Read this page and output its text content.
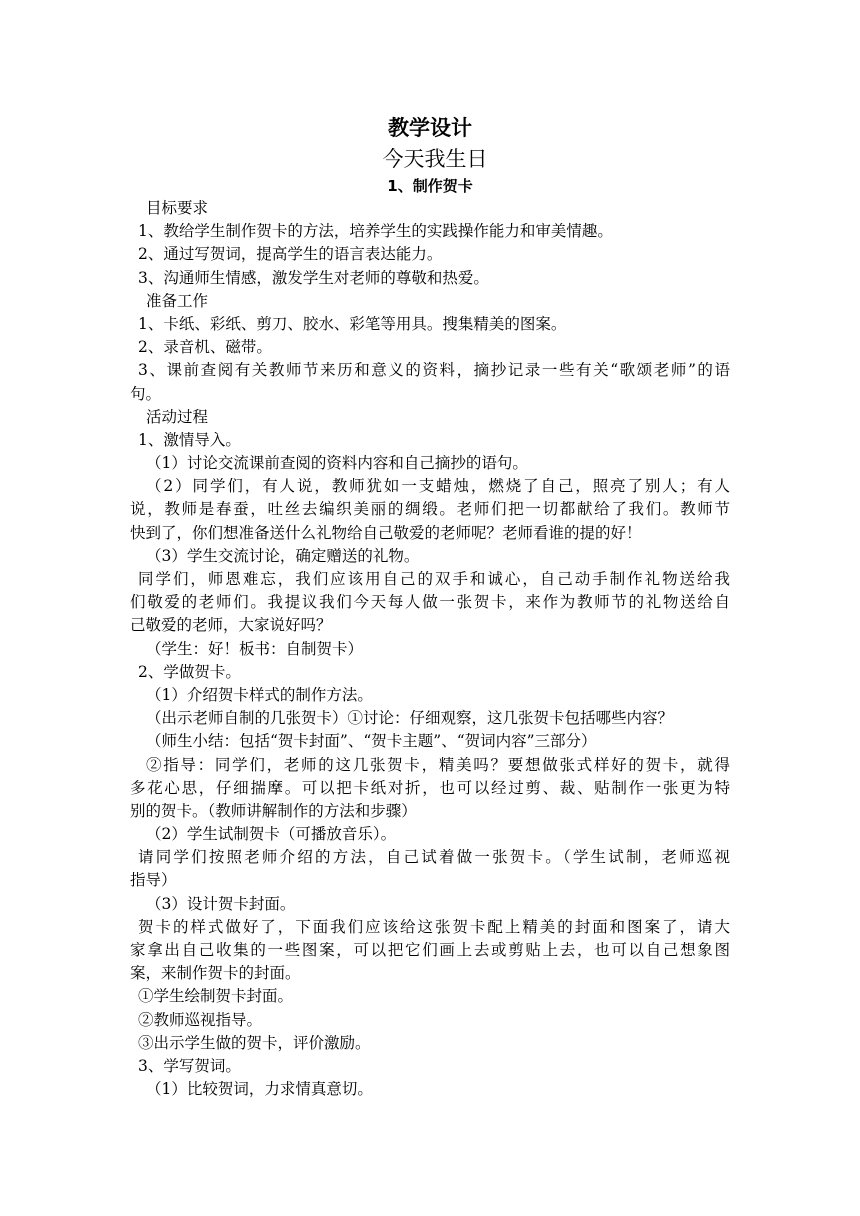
教学设计
今天我生日
1、制作贺卡
目标要求
1、教给学生制作贺卡的方法，培养学生的实践操作能力和审美情趣。
2、通过写贺词，提高学生的语言表达能力。
3、沟通师生情感，激发学生对老师的尊敬和热爱。
准备工作
1、卡纸、彩纸、剪刀、胶水、彩笔等用具。搜集精美的图案。
2、录音机、磁带。
3、课前查阅有关教师节来历和意义的资料，摘抄记录一些有关“歌颂老师”的语
句。
活动过程
1、激情导入。
（1）讨论交流课前查阅的资料内容和自己摘抄的语句。
（2）同学们，有人说，教师犹如一支蜡烛，燃烧了自己，照亮了别人；有人
说，教师是春蚕，吐丝去编织美丽的绸缎。老师们把一切都献给了我们。教师节
快到了，你们想准备送什么礼物给自己敬爱的老师呢？老师看谁的提的好！
（3）学生交流讨论，确定赠送的礼物。
同学们，师恩难忘，我们应该用自己的双手和诚心，自己动手制作礼物送给我
们敬爱的老师们。我提议我们今天每人做一张贺卡，来作为教师节的礼物送给自
己敬爱的老师，大家说好吗？
（学生：好！板书：自制贺卡）
2、学做贺卡。
（1）介绍贺卡样式的制作方法。
（出示老师自制的几张贺卡）①讨论：仔细观察，这几张贺卡包括哪些内容？
（师生小结：包括“贺卡封面”、“贺卡主题”、“贺词内容”三部分）
②指导：同学们，老师的这几张贺卡，精美吗？要想做张式样好的贺卡，就得
多花心思，仔细揣摩。可以把卡纸对折，也可以经过剪、裁、贴制作一张更为特
别的贺卡。（教师讲解制作的方法和步骤）
（2）学生试制贺卡（可播放音乐）。
请同学们按照老师介绍的方法，自己试着做一张贺卡。（学生试制，老师巡视
指导）
（3）设计贺卡封面。
贺卡的样式做好了，下面我们应该给这张贺卡配上精美的封面和图案了，请大
家拿出自己收集的一些图案，可以把它们画上去或剪贴上去，也可以自己想象图
案，来制作贺卡的封面。
①学生绘制贺卡封面。
②教师巡视指导。
③出示学生做的贺卡，评价激励。
3、学写贺词。
（1）比较贺词，力求情真意切。
